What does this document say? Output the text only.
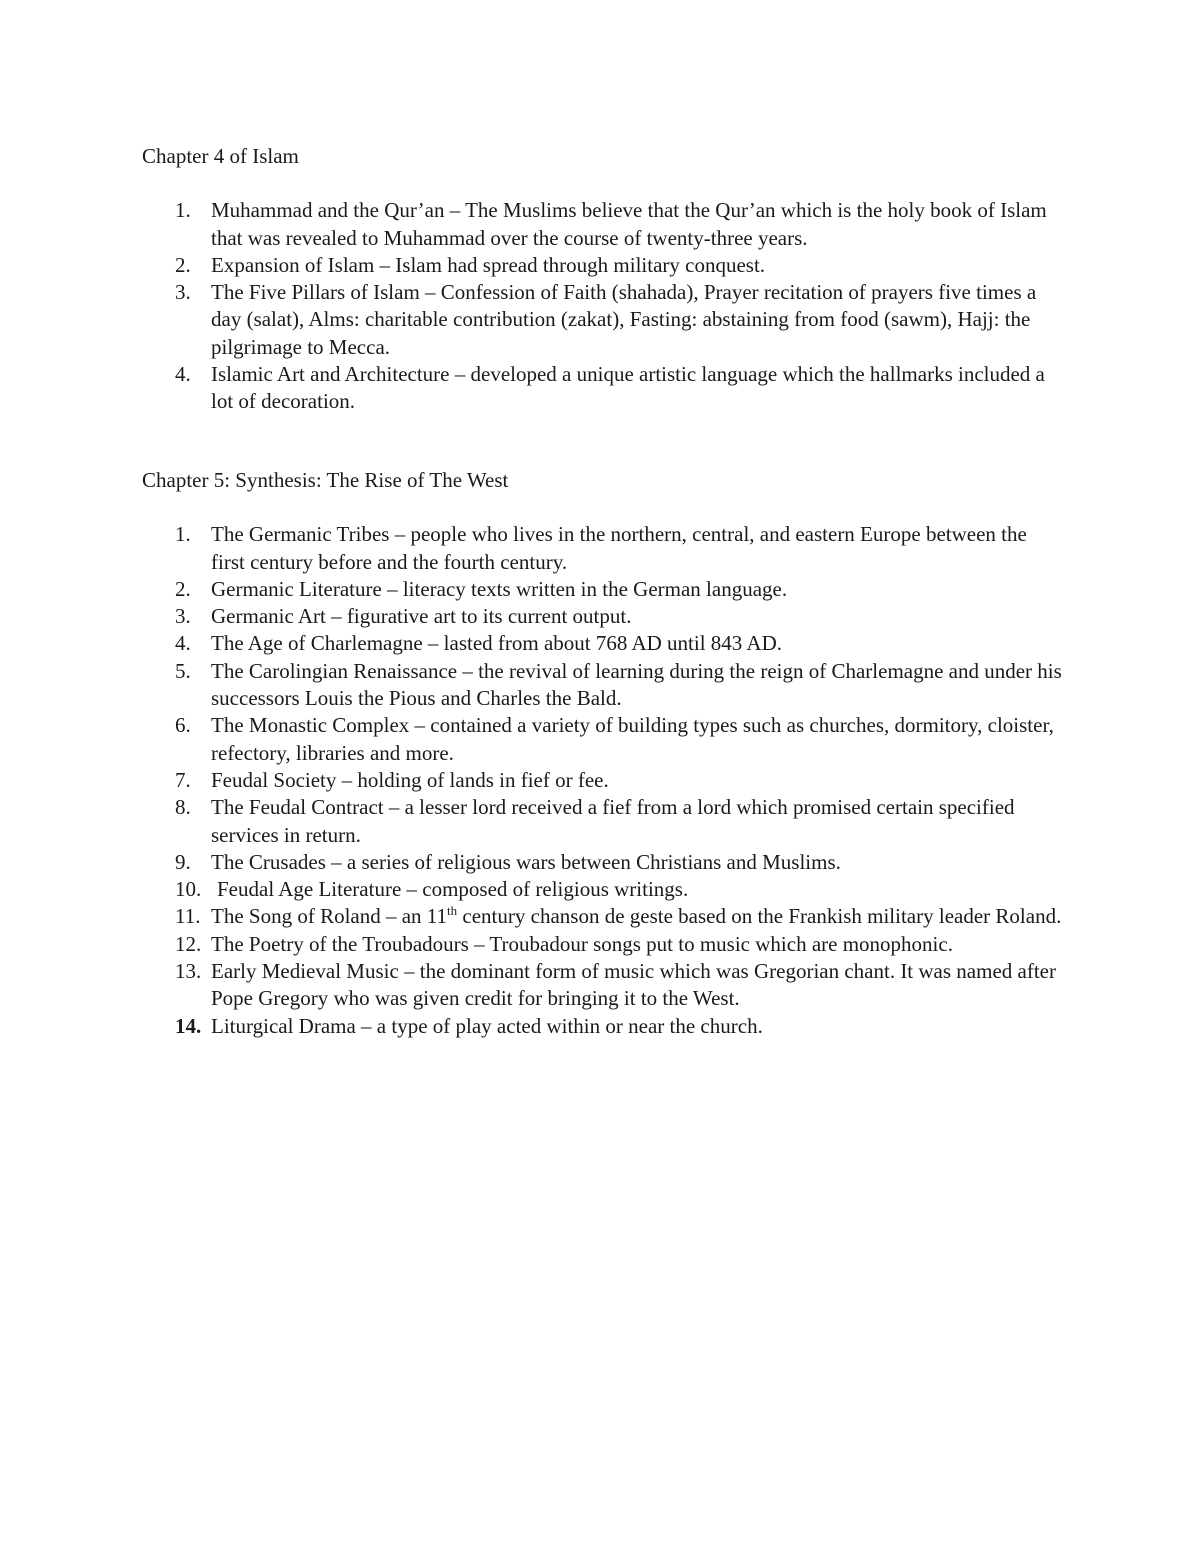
Chapter 4 of Islam

1. Muhammad and the Qur’an – The Muslims believe that the Qur’an which is the holy book of Islam that was revealed to Muhammad over the course of twenty-three years.
2. Expansion of Islam – Islam had spread through military conquest.
3. The Five Pillars of Islam – Confession of Faith (shahada), Prayer recitation of prayers five times a day (salat), Alms: charitable contribution (zakat), Fasting: abstaining from food (sawm), Hajj: the pilgrimage to Mecca.
4. Islamic Art and Architecture – developed a unique artistic language which the hallmarks included a lot of decoration.

Chapter 5: Synthesis: The Rise of The West

1. The Germanic Tribes – people who lives in the northern, central, and eastern Europe between the first century before and the fourth century.
2. Germanic Literature – literacy texts written in the German language.
3. Germanic Art – figurative art to its current output.
4. The Age of Charlemagne – lasted from about 768 AD until 843 AD.
5. The Carolingian Renaissance – the revival of learning during the reign of Charlemagne and under his successors Louis the Pious and Charles the Bald.
6. The Monastic Complex – contained a variety of building types such as churches, dormitory, cloister, refectory, libraries and more.
7. Feudal Society – holding of lands in fief or fee.
8. The Feudal Contract – a lesser lord received a fief from a lord which promised certain specified services in return.
9. The Crusades – a series of religious wars between Christians and Muslims.
10. Feudal Age Literature – composed of religious writings.
11. The Song of Roland – an 11th century chanson de geste based on the Frankish military leader Roland.
12. The Poetry of the Troubadours – Troubadour songs put to music which are monophonic.
13. Early Medieval Music – the dominant form of music which was Gregorian chant. It was named after Pope Gregory who was given credit for bringing it to the West.
14. Liturgical Drama – a type of play acted within or near the church.
